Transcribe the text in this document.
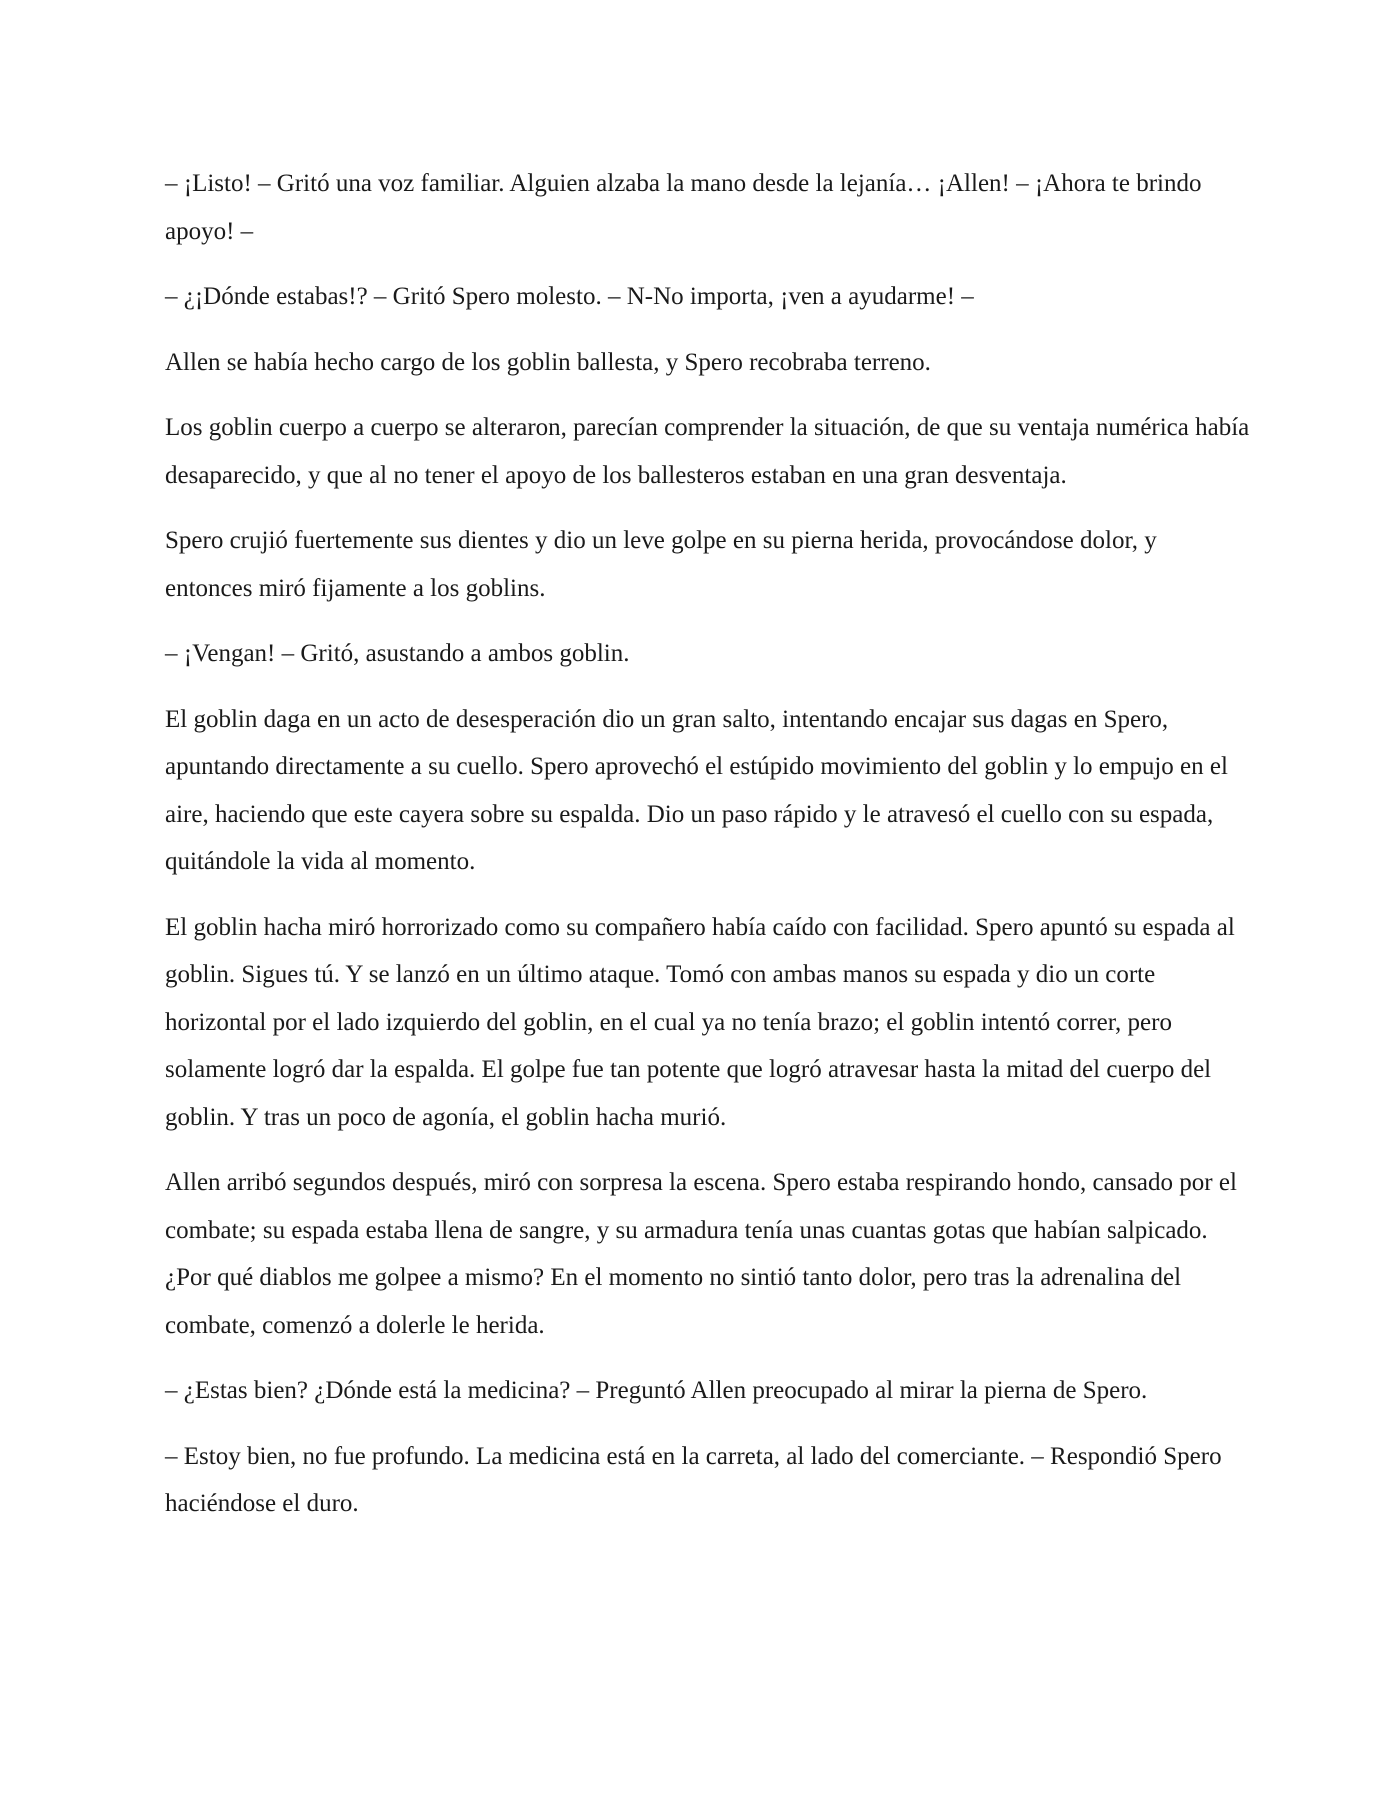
– ¡Listo! – Gritó una voz familiar. Alguien alzaba la mano desde la lejanía… ¡Allen! – ¡Ahora te brindo apoyo! –

– ¿¡Dónde estabas!? – Gritó Spero molesto. – N-No importa, ¡ven a ayudarme! –

Allen se había hecho cargo de los goblin ballesta, y Spero recobraba terreno.

Los goblin cuerpo a cuerpo se alteraron, parecían comprender la situación, de que su ventaja numérica había desaparecido, y que al no tener el apoyo de los ballesteros estaban en una gran desventaja.

Spero crujió fuertemente sus dientes y dio un leve golpe en su pierna herida, provocándose dolor, y entonces miró fijamente a los goblins.

– ¡Vengan! – Gritó, asustando a ambos goblin.

El goblin daga en un acto de desesperación dio un gran salto, intentando encajar sus dagas en Spero, apuntando directamente a su cuello. Spero aprovechó el estúpido movimiento del goblin y lo empujo en el aire, haciendo que este cayera sobre su espalda. Dio un paso rápido y le atravesó el cuello con su espada, quitándole la vida al momento.

El goblin hacha miró horrorizado como su compañero había caído con facilidad. Spero apuntó su espada al goblin. Sigues tú. Y se lanzó en un último ataque. Tomó con ambas manos su espada y dio un corte horizontal por el lado izquierdo del goblin, en el cual ya no tenía brazo; el goblin intentó correr, pero solamente logró dar la espalda. El golpe fue tan potente que logró atravesar hasta la mitad del cuerpo del goblin. Y tras un poco de agonía, el goblin hacha murió.

Allen arribó segundos después, miró con sorpresa la escena. Spero estaba respirando hondo, cansado por el combate; su espada estaba llena de sangre, y su armadura tenía unas cuantas gotas que habían salpicado. ¿Por qué diablos me golpee a mismo? En el momento no sintió tanto dolor, pero tras la adrenalina del combate, comenzó a dolerle le herida.

– ¿Estas bien? ¿Dónde está la medicina? – Preguntó Allen preocupado al mirar la pierna de Spero.

– Estoy bien, no fue profundo. La medicina está en la carreta, al lado del comerciante. – Respondió Spero haciéndose el duro.
